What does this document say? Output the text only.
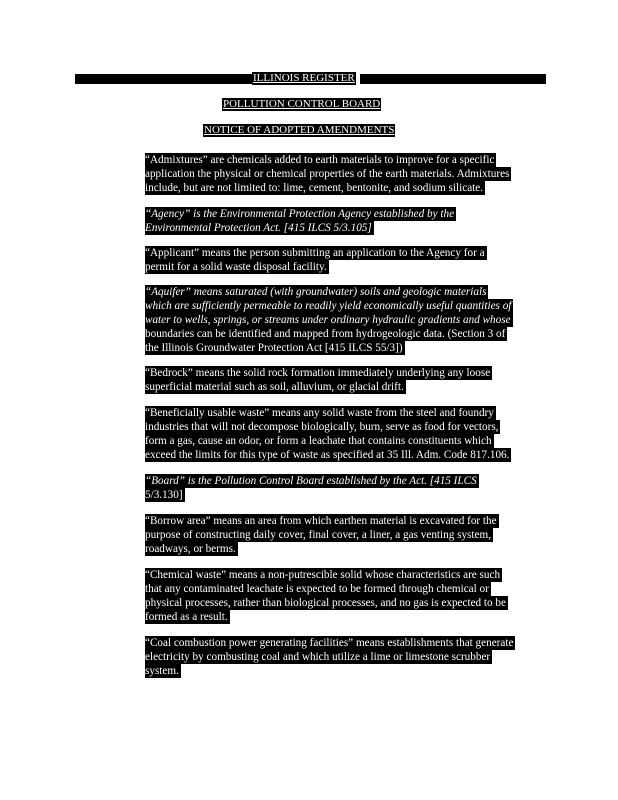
ILLINOIS REGISTER
POLLUTION CONTROL BOARD
NOTICE OF ADOPTED AMENDMENTS
“Admixtures” are chemicals added to earth materials to improve for a specific
application the physical or chemical properties of the earth materials. Admixtures
include, but are not limited to: lime, cement, bentonite, and sodium silicate.
“Agency” is the Environmental Protection Agency established by the
Environmental Protection Act. [415 ILCS 5/3.105]
“Applicant” means the person submitting an application to the Agency for a
permit for a solid waste disposal facility.
“Aquifer” means saturated (with groundwater) soils and geologic materials
which are sufficiently permeable to readily yield economically useful quantities of
water to wells, springs, or streams under ordinary hydraulic gradients and whose
boundaries can be identified and mapped from hydrogeologic data. (Section 3 of
the Illinois Groundwater Protection Act [415 ILCS 55/3])
“Bedrock” means the solid rock formation immediately underlying any loose
superficial material such as soil, alluvium, or glacial drift.
“Beneficially usable waste” means any solid waste from the steel and foundry
industries that will not decompose biologically, burn, serve as food for vectors,
form a gas, cause an odor, or form a leachate that contains constituents which
exceed the limits for this type of waste as specified at 35 Ill. Adm. Code 817.106.
“Board” is the Pollution Control Board established by the Act. [415 ILCS
5/3.130]
“Borrow area” means an area from which earthen material is excavated for the
purpose of constructing daily cover, final cover, a liner, a gas venting system,
roadways, or berms.
“Chemical waste” means a non-putrescible solid whose characteristics are such
that any contaminated leachate is expected to be formed through chemical or
physical processes, rather than biological processes, and no gas is expected to be
formed as a result.
“Coal combustion power generating facilities” means establishments that generate
electricity by combusting coal and which utilize a lime or limestone scrubber
system.
